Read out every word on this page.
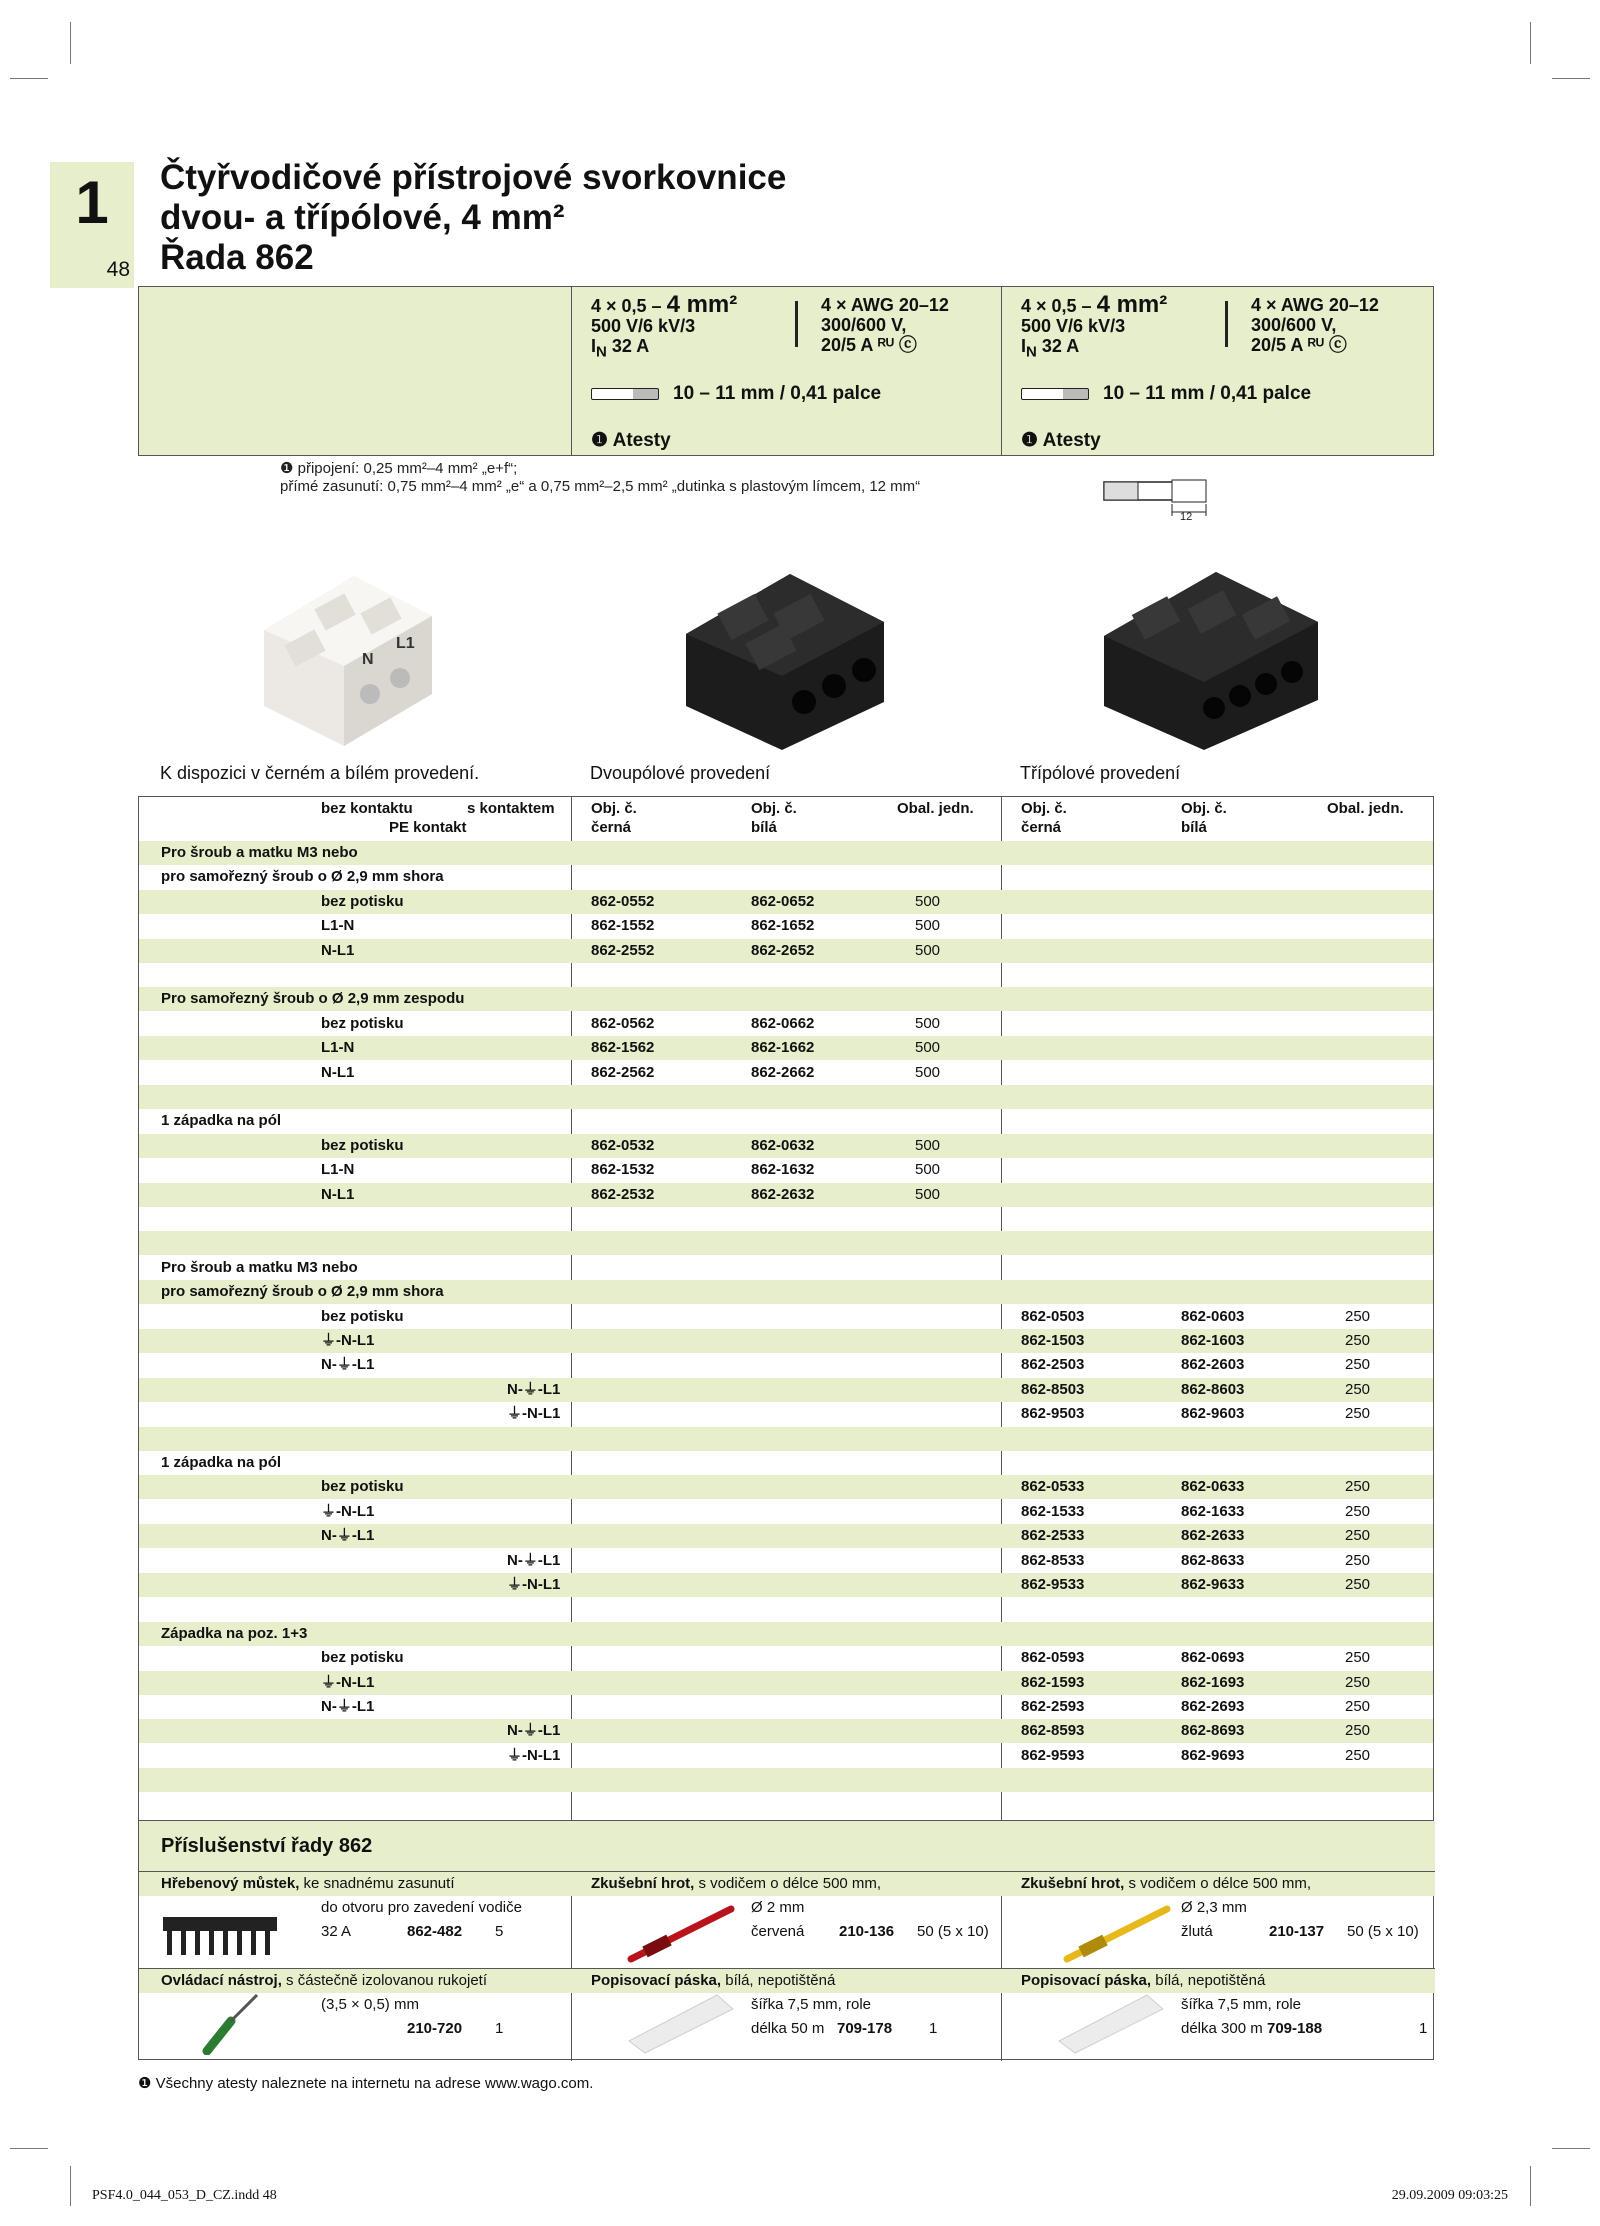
1
48
Čtyřvodičové přístrojové svorkovnice
dvou- a třípólové, 4 mm²
Řada 862
4 × 0,5 – 4 mm²
500 V/6 kV/3
$I_N$ 32 A
4 × AWG 20–12
300/600 V,
20/5 A ᴿᵁ ⓒ
10 – 11 mm / 0,41 palce
❶ Atesty
4 × 0,5 – 4 mm²
500 V/6 kV/3
$I_N$ 32 A
4 × AWG 20–12
300/600 V,
20/5 A ᴿᵁ ⓒ
10 – 11 mm / 0,41 palce
❶ Atesty
❶ připojení: 0,25 mm²–4 mm² „e+f“;
přímé zasunutí: 0,75 mm²–4 mm² „e“ a 0,75 mm²–2,5 mm² „dutinka s plastovým límcem, 12 mm“
12
N
L1
K dispozici v černém a bílém provedení.	Dvoupólové provedení	Třípólové provedení
bez kontaktu	s kontaktem
PE kontakt
Obj. č.
černá
Obj. č.
bílá
Obal. jedn.	Obj. č.
černá
Obj. č.
bílá
Obal. jedn.
Pro šroub a matku M3 nebo
pro samořezný šroub o Ø 2,9 mm shora
bez potisku	862-0552	862-0652	500
L1-N	862-1552	862-1652	500
N-L1	862-2552	862-2652	500
Pro samořezný šroub o Ø 2,9 mm zespodu
bez potisku	862-0562	862-0662	500
L1-N	862-1562	862-1662	500
N-L1	862-2562	862-2662	500
1 západka na pól
bez potisku	862-0532	862-0632	500
L1-N	862-1532	862-1632	500
N-L1	862-2532	862-2632	500
Pro šroub a matku M3 nebo
pro samořezný šroub o Ø 2,9 mm shora
bez potisku	862-0503	862-0603	250
⏚-N-L1	862-1503	862-1603	250
N-⏚-L1	862-2503	862-2603	250
N-⏚-L1	862-8503	862-8603	250
⏚-N-L1	862-9503	862-9603	250
1 západka na pól
bez potisku	862-0533	862-0633	250
⏚-N-L1	862-1533	862-1633	250
N-⏚-L1	862-2533	862-2633	250
N-⏚-L1	862-8533	862-8633	250
⏚-N-L1	862-9533	862-9633	250
Západka na poz. 1+3
bez potisku	862-0593	862-0693	250
⏚-N-L1	862-1593	862-1693	250
N-⏚-L1	862-2593	862-2693	250
N-⏚-L1	862-8593	862-8693	250
⏚-N-L1	862-9593	862-9693	250
Příslušenství řady 862
Hřebenový můstek, ke snadnému zasunutí
do otvoru pro zavedení vodiče
32 A	862-482 5
Zkušební hrot, s vodičem o délce 500 mm,
Ø 2 mm
červená 210-136 50 (5 x 10)
Zkušební hrot, s vodičem o délce 500 mm,
Ø 2,3 mm
žlutá	210-137 50 (5 x 10)
Ovládací nástroj, s částečně izolovanou rukojetí
(3,5 × 0,5) mm
210-720 1
Popisovací páska, bílá, nepotištěná
šířka 7,5 mm, role
délka 50 m 709-178 1
Popisovací páska, bílá, nepotištěná
šířka 7,5 mm, role
délka 300 m 709-188	1
❶ Všechny atesty naleznete na internetu na adrese www.wago.com.
PSF4.0_044_053_D_CZ.indd 48	29.09.2009 09:03:25
